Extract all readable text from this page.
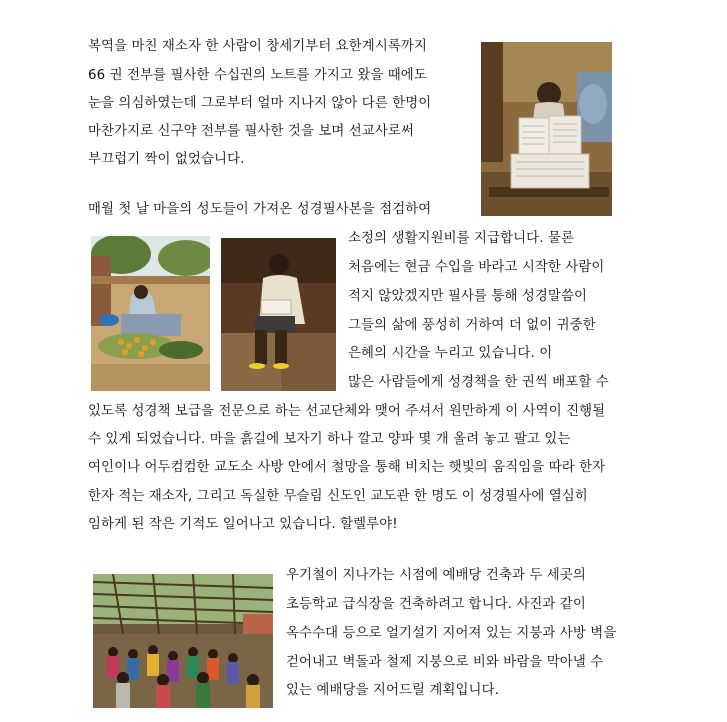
복역을 마친 재소자 한 사람이 창세기부터 요한계시록까지
66 권 전부를 필사한 수십권의 노트를 가지고 왔을 때에도
눈을 의심하였는데 그로부터 얼마 지나지 않아 다른 한명이
마찬가지로 신구약 전부를 필사한 것을 보며 선교사로써
부끄럽기 짝이 없었습니다.
매월 첫 날 마을의 성도들이 가져온 성경필사본을 점검하여
소정의 생활지원비를 지급합니다. 물론
처음에는 현금 수입을 바라고 시작한 사람이
적지 않았겠지만 필사를 통해 성경말씀이
그들의 삶에 풍성히 거하여 더 없이 귀중한
은혜의 시간을 누리고 있습니다. 이
많은 사람들에게 성경책을 한 권씩 배포할 수
있도록 성경책 보급을 전문으로 하는 선교단체와 맺어 주셔서 원만하게 이 사역이 진행될
수 있게 되었습니다. 마을 흙길에 보자기 하나 깔고 양파 몇 개 올려 놓고 팔고 있는
여인이나 어두컴컴한 교도소 사방 안에서 철망을 통해 비치는 햇빛의 움직임을 따라 한자
한자 적는 재소자, 그리고 독실한 무슬림 신도인 교도관 한 명도 이 성경필사에 열심히
임하게 된 작은 기적도 일어나고 있습니다. 할렐루야!
우기철이 지나가는 시점에 예배당 건축과 두 세곳의
초등학교 급식장을 건축하려고 합니다. 사진과 같이
옥수수대 등으로 얼기설기 지어져 있는 지붕과 사방 벽을
걷어내고 벽돌과 철제 지붕으로 비와 바람을 막아낼 수
있는 예배당을 지어드릴 계획입니다.
